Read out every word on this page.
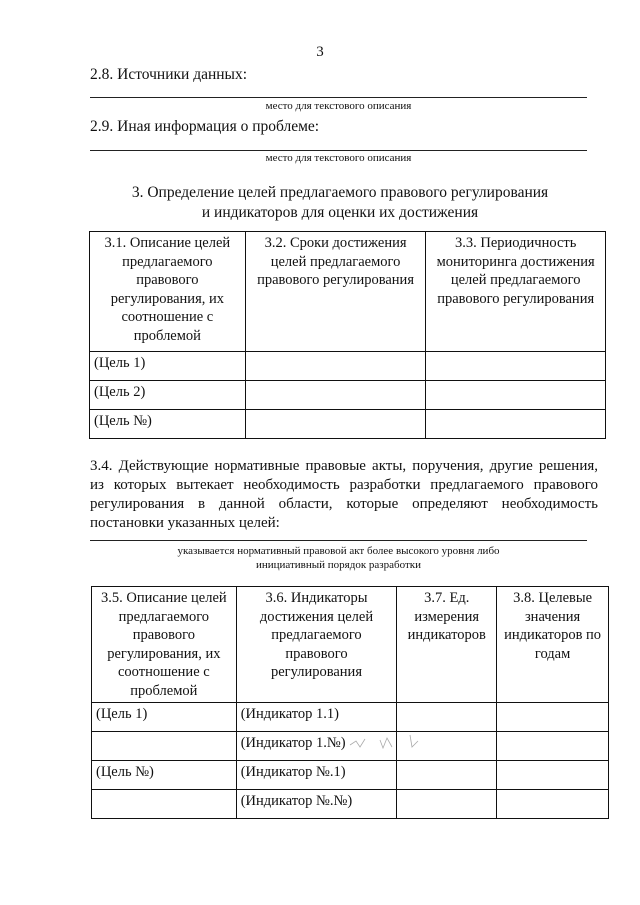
3
2.8. Источники данных:
место для текстового описания
2.9. Иная информация о проблеме:
место для текстового описания
3. Определение целей предлагаемого правового регулирования
и индикаторов для оценки их достижения
3.1. Описание целей предлагаемого правового регулирования, их соотношение с проблемой	3.2. Сроки достижения целей предлагаемого правового регулирования	3.3. Периодичность мониторинга достижения целей предлагаемого правового регулирования
(Цель 1)		
(Цель 2)		
(Цель №)		
3.4. Действующие нормативные правовые акты, поручения, другие решения, из которых вытекает необходимость разработки предлагаемого правового регулирования в данной области, которые определяют необходимость постановки указанных целей:
указывается нормативный правовой акт более высокого уровня либо
инициативный порядок разработки
3.5. Описание целей предлагаемого правового регулирования, их соотношение с проблемой	3.6. Индикаторы достижения целей предлагаемого правового регулирования	3.7. Ед. измерения индикаторов	3.8. Целевые значения индикаторов по годам
(Цель 1)	(Индикатор 1.1)		
	(Индикатор 1.№)		
(Цель №)	(Индикатор №.1)		
	(Индикатор №.№)		
